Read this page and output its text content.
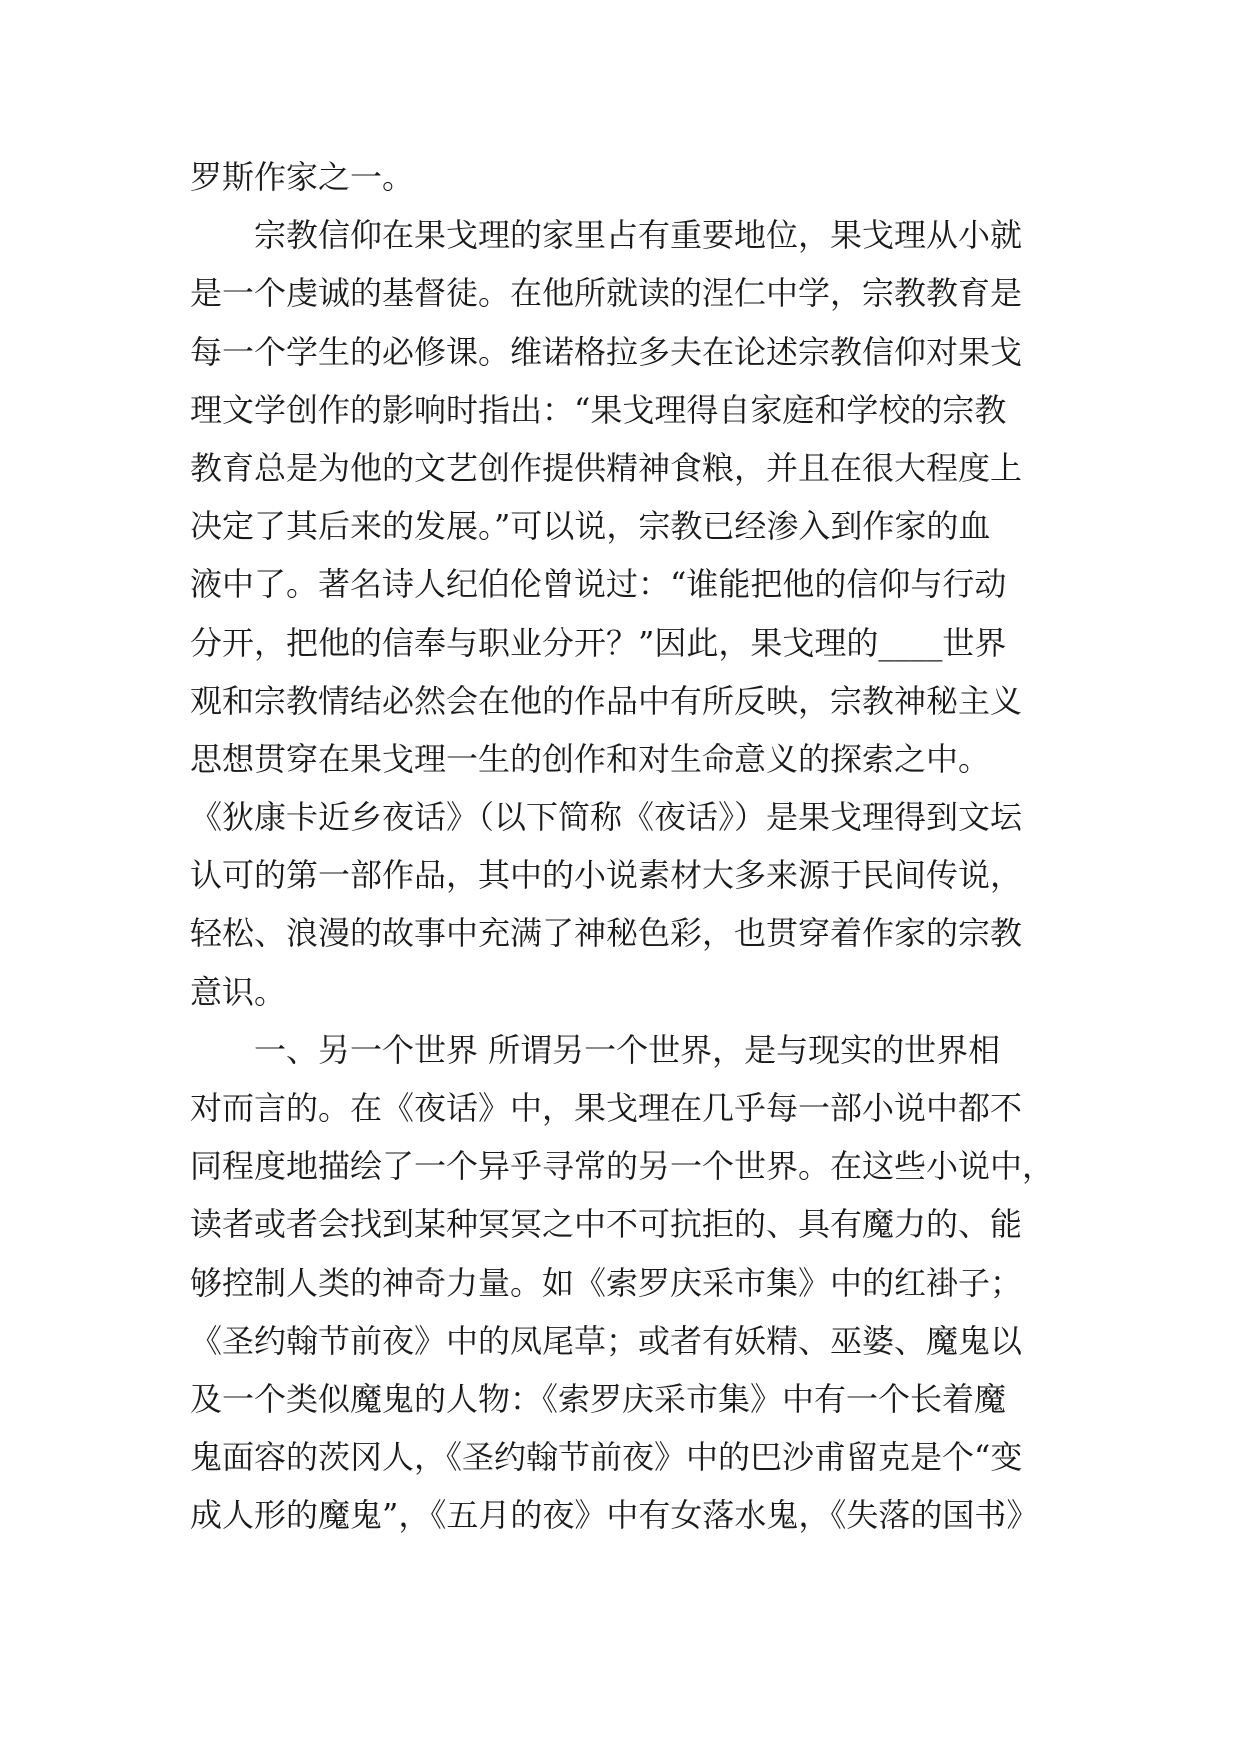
罗斯作家之一。
宗教信仰在果戈理的家里占有重要地位，果戈理从小就
是一个虔诚的基督徒。在他所就读的涅仁中学，宗教教育是
每一个学生的必修课。维诺格拉多夫在论述宗教信仰对果戈
理文学创作的影响时指出：“果戈理得自家庭和学校的宗教
教育总是为他的文艺创作提供精神食粮，并且在很大程度上
决定了其后来的发展。”可以说，宗教已经渗入到作家的血
液中了。著名诗人纪伯伦曾说过：“谁能把他的信仰与行动
分开，把他的信奉与职业分开？”因此，果戈理的____世界
观和宗教情结必然会在他的作品中有所反映，宗教神秘主义
思想贯穿在果戈理一生的创作和对生命意义的探索之中。
《狄康卡近乡夜话》（以下简称《夜话》）是果戈理得到文坛
认可的第一部作品，其中的小说素材大多来源于民间传说，
轻松、浪漫的故事中充满了神秘色彩，也贯穿着作家的宗教
意识。
一、另一个世界 所谓另一个世界，是与现实的世界相
对而言的。在《夜话》中，果戈理在几乎每一部小说中都不
同程度地描绘了一个异乎寻常的另一个世界。在这些小说中，
读者或者会找到某种冥冥之中不可抗拒的、具有魔力的、能
够控制人类的神奇力量。如《索罗庆采市集》中的红褂子；
《圣约翰节前夜》中的凤尾草；或者有妖精、巫婆、魔鬼以
及一个类似魔鬼的人物：《索罗庆采市集》中有一个长着魔
鬼面容的茨冈人，《圣约翰节前夜》中的巴沙甫留克是个“变
成人形的魔鬼”，《五月的夜》中有女落水鬼，《失落的国书》
